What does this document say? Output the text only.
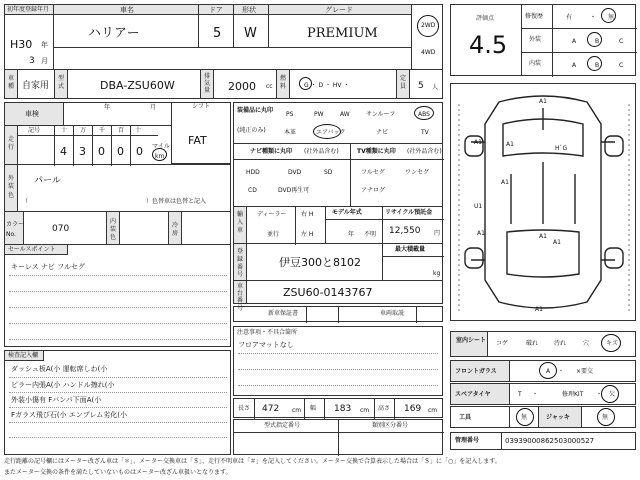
初年度登録年月	車名	ドア	形状	グレード
H30 年
3 月
ハリアー	5 W	PREMIUM
2WD
4WD
車種 自家用
型式	DBA-ZSU60W
排気量 2000 cc
燃料	G ・ D ・ HV ・
定員 5 人
車検
年	月	シフト
FAT
走行
記号	十 万 千 百 十
4 3 0 0 0 マイル
km
外装色
パール
（	）色替車は色替と記入
カラーNo.
070
内装色
冷房
セールスポイント
キーレス ナビ フルセグ
検査記入欄
ダッシュ板A(小 運転席しわ(小
ピラー内張A(小 ハンドル擦れ(小
外装小傷有 Fバンパ下面A(小
Fガラス飛び石(小 エンブレム劣化(小
装備品に丸印
(純正のみ)
PS	PW	AW	サンルーフ	ABS
本革	エアバック	ナビ	TV
ナビ種類に丸印 (社外品含む)
HDD	DVD	SD
CD	DVD再生可
TV種類に丸印 (社外品含む)
フルセグ	ワンセグ
アナログ
輸入車
ディーラー 右 H
並行	左 H
モデル年式
年 不明
リサイクル預託金
12,550 円
登録番号
伊豆300と8102
最大積載量
kg
車台番号
ZSU60-0143767
新車保証書	車両取説
注意事項・不具合箇所
フロアマットなし
長さ 472 cm 幅 183 cm 高さ 169 cm
型式指定番号	類別区分番号
評価点
4.5
修復歴	有	・ 無
外装	A	B	C
内装	A	B	C
A1
A1
A1
H`G
A1
U1
A1	A1
A1
A1
室内シート コゲ	破れ	汚れ	穴	キズ
フロントガラス	A ・ ×要交
スペアタイヤ	T ・	修理KIT ・ 欠
工具	無	ジャッキ	無
管理番号	0393900086250300052​7
走行距離の記号欄にはメーター改ざん車は「＊」、メーター交換車は「＄」、走行不明車は「＃」を記入してください。メーター交換で合算表示した場合は「＄」に「○」を記入します。
またメーター交換の条件を満たしていないものはメーター改ざん車扱いとなります。
